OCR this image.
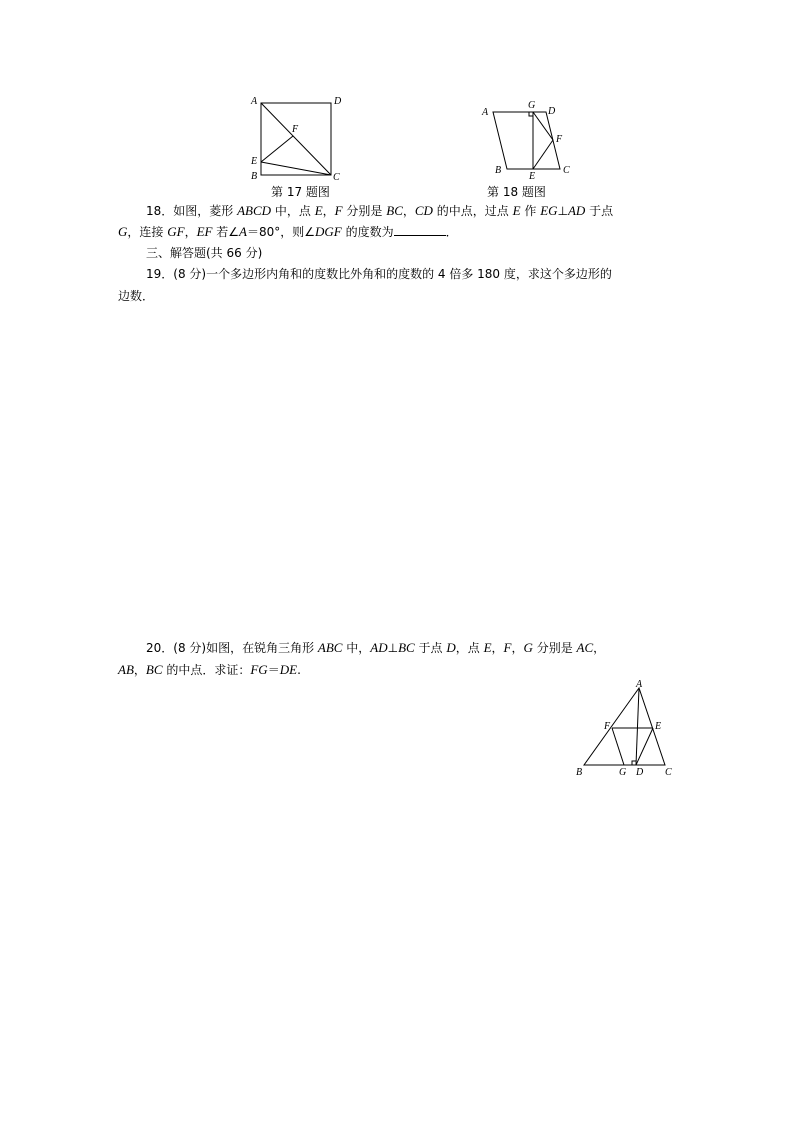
A	D
F
E
B	C
第 17 题图
A
G
D
F
B
E
C
第 18 题图
18．如图，菱形 ABCD 中，点 E，F 分别是 BC，CD 的中点，过点 E 作 EG⊥AD 于点
G，连接 GF，EF 若∠A＝80°，则∠DGF 的度数为	．
三、解答题(共 66 分)
19．(8 分)一个多边形内角和的度数比外角和的度数的 4 倍多 180 度，求这个多边形的
边数．
20．(8 分)如图，在锐角三角形 ABC 中，AD⊥BC 于点 D，点 E，F，G 分别是 AC，
AB，BC 的中点．求证：FG＝DE.
A
F	E
B	G D C
